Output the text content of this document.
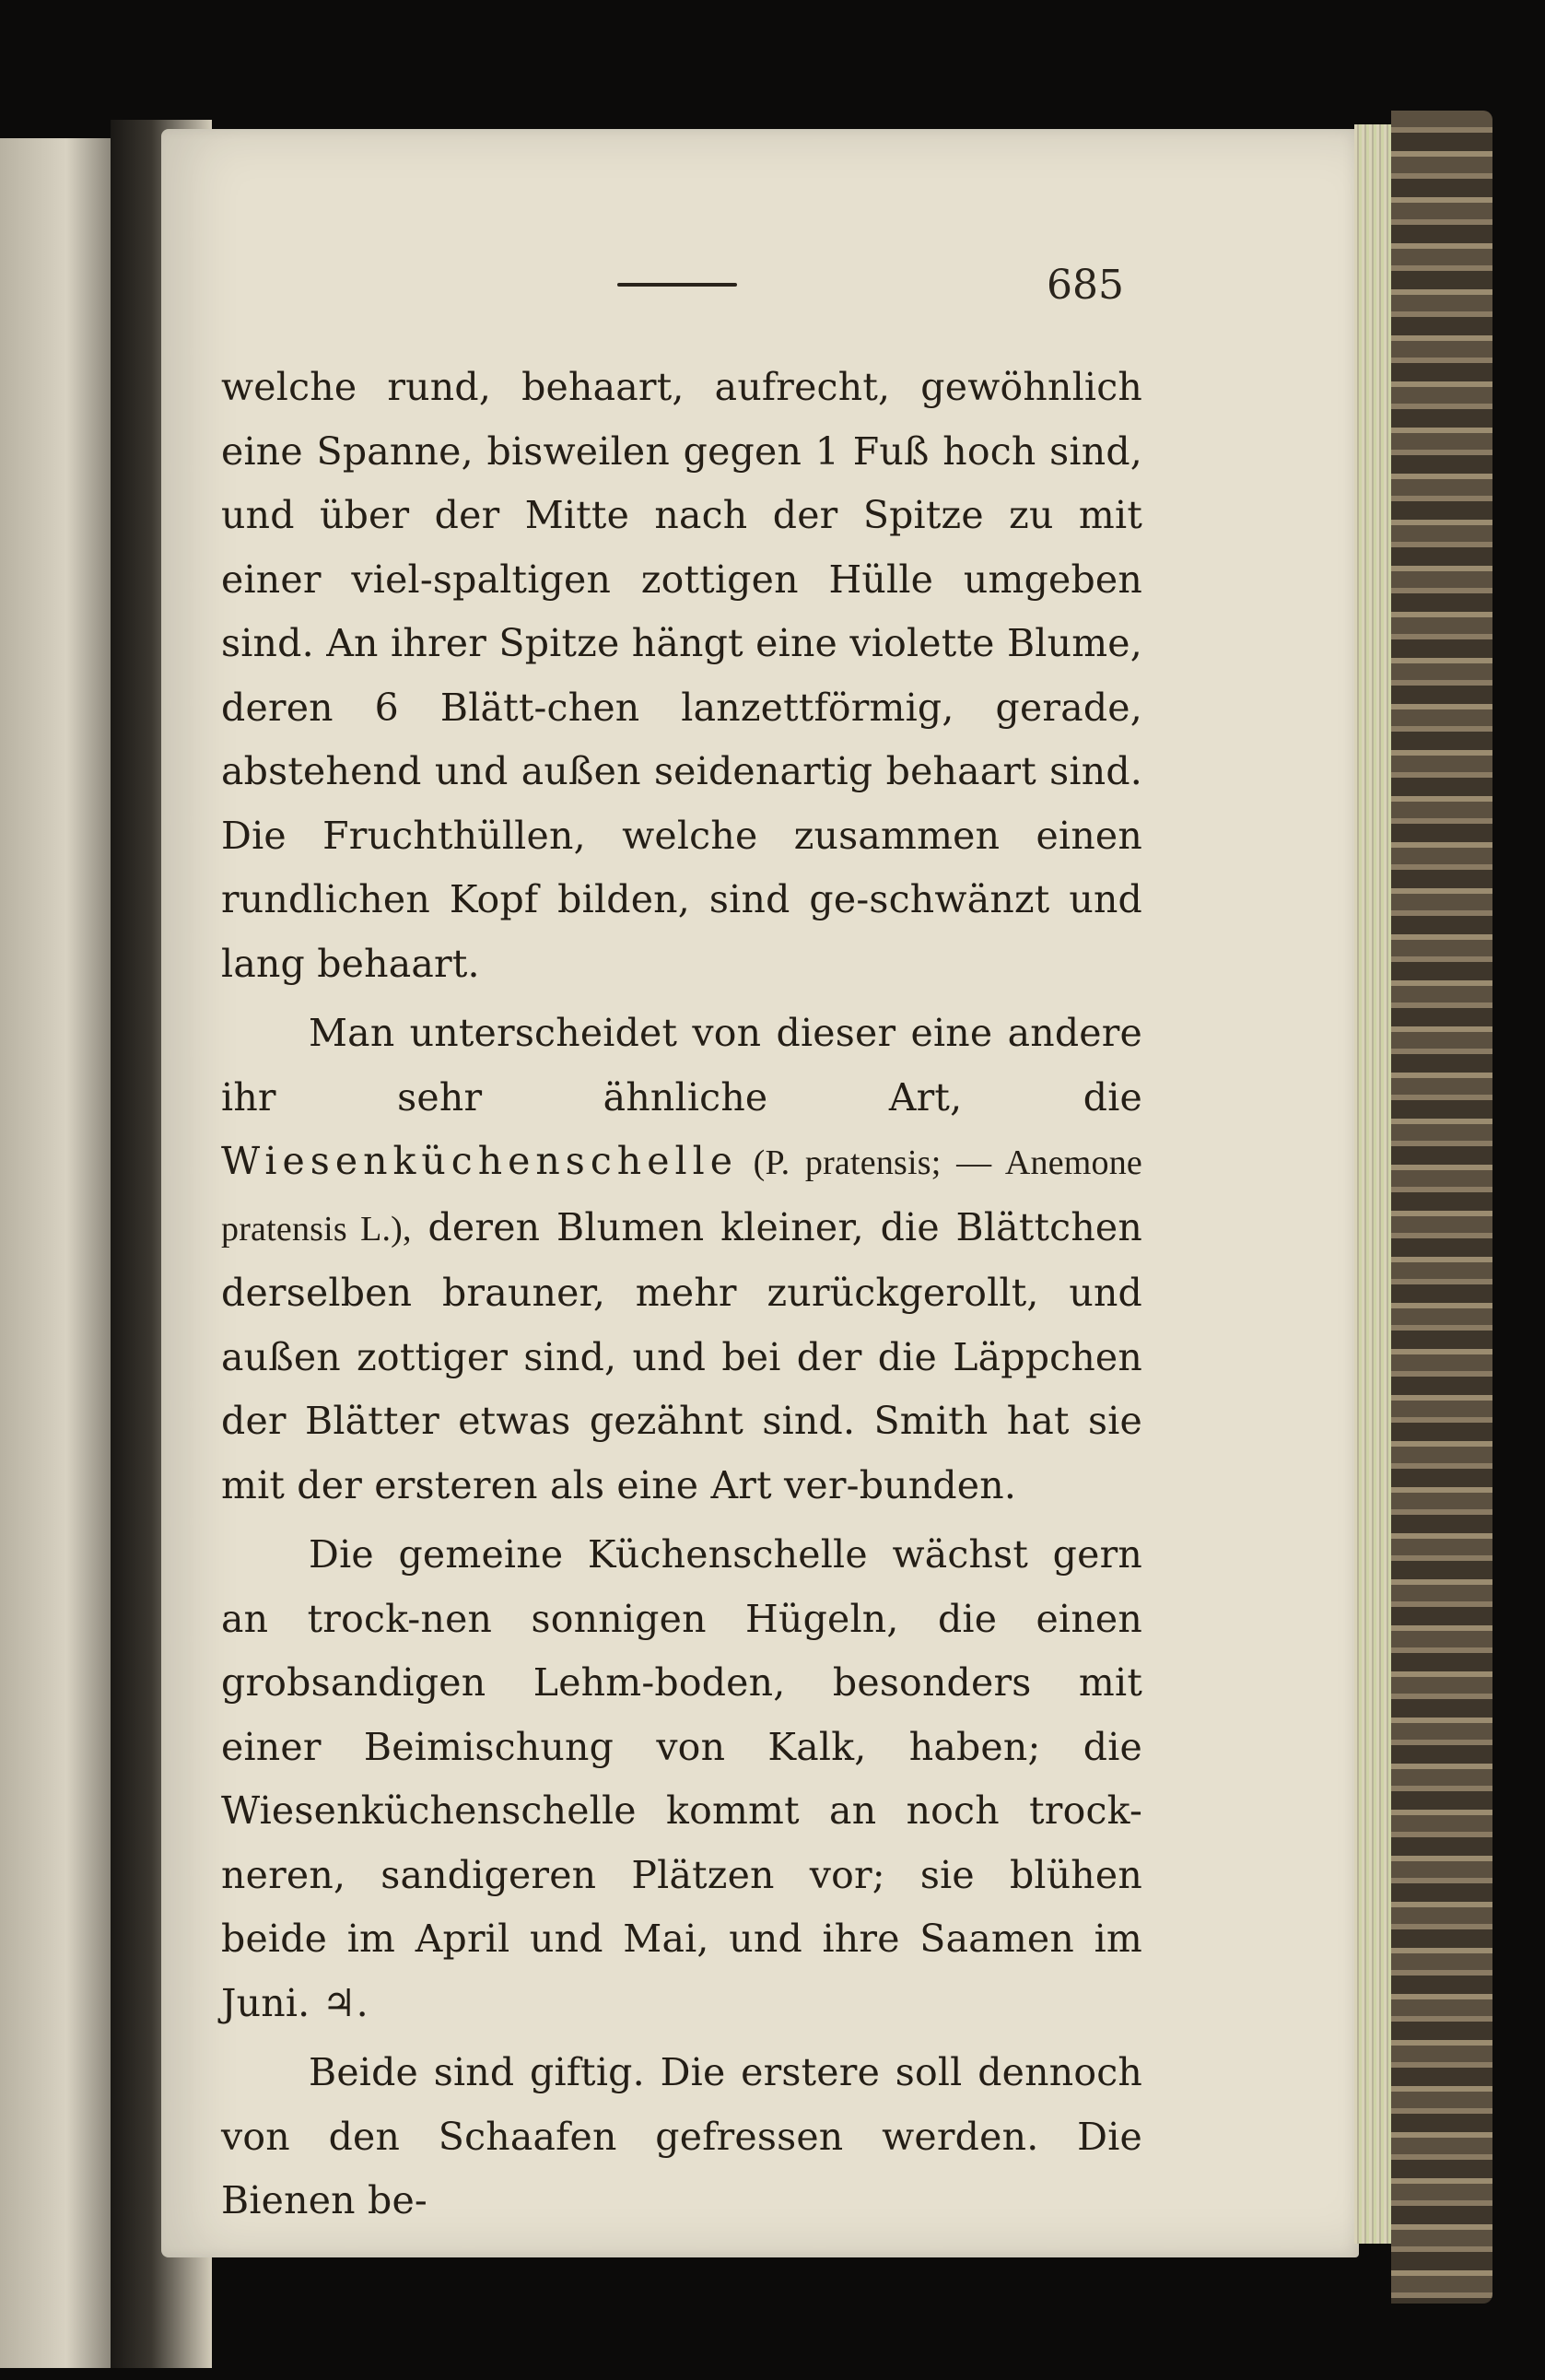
685

welche rund, behaart, aufrecht, gewöhnlich eine Spanne, bisweilen gegen 1 Fuß hoch sind, und über der Mitte nach der Spitze zu mit einer viel-spaltigen zottigen Hülle umgeben sind. An ihrer Spitze hängt eine violette Blume, deren 6 Blätt-chen lanzettförmig, gerade, abstehend und außen seidenartig behaart sind. Die Fruchthüllen, welche zusammen einen rundlichen Kopf bilden, sind ge-schwänzt und lang behaart.

Man unterscheidet von dieser eine andere ihr sehr ähnliche Art, die Wiesenküchenschelle (P. pratensis; — Anemone pratensis L.), deren Blumen kleiner, die Blättchen derselben brauner, mehr zurückgerollt, und außen zottiger sind, und bei der die Läppchen der Blätter etwas gezähnt sind. Smith hat sie mit der ersteren als eine Art ver-bunden.

Die gemeine Küchenschelle wächst gern an trock-nen sonnigen Hügeln, die einen grobsandigen Lehm-boden, besonders mit einer Beimischung von Kalk, haben; die Wiesenküchenschelle kommt an noch trock-neren, sandigeren Plätzen vor; sie blühen beide im April und Mai, und ihre Saamen im Juni. ♃.

Beide sind giftig. Die erstere soll dennoch von den Schaafen gefressen werden. Die Bienen be-
